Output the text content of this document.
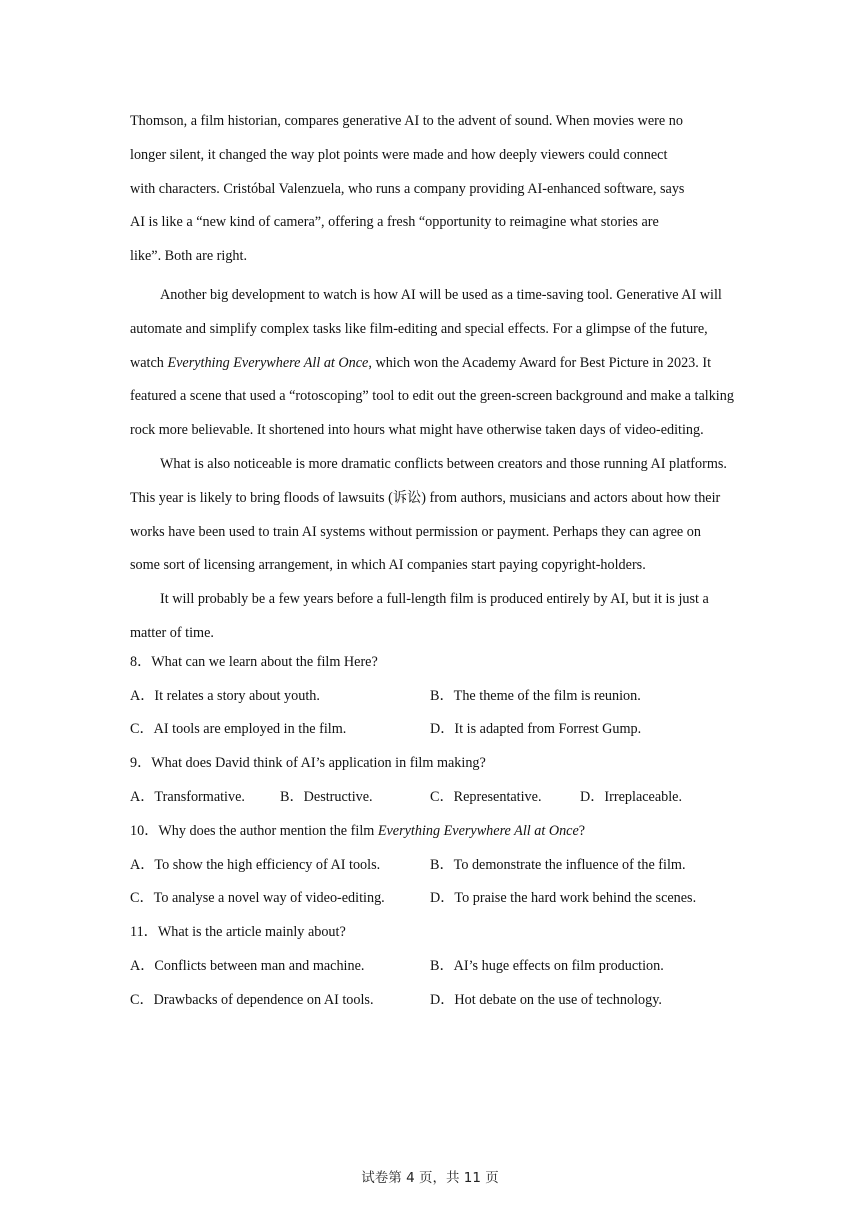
Thomson, a film historian, compares generative AI to the advent of sound. When movies were no
longer silent, it changed the way plot points were made and how deeply viewers could connect
with characters. Cristóbal Valenzuela, who runs a company providing AI-enhanced software, says
AI is like a “new kind of camera”, offering a fresh “opportunity to reimagine what stories are
like”. Both are right.

Another big development to watch is how AI will be used as a time-saving tool. Generative AI will automate and simplify complex tasks like film-editing and special effects. For a glimpse of the future, watch Everything Everywhere All at Once, which won the Academy Award for Best Picture in 2023. It featured a scene that used a “rotoscoping” tool to edit out the green-screen background and make a talking rock more believable. It shortened into hours what might have otherwise taken days of video-editing.

What is also noticeable is more dramatic conflicts between creators and those running AI platforms. This year is likely to bring floods of lawsuits (诉讼) from authors, musicians and actors about how their works have been used to train AI systems without permission or payment. Perhaps they can agree on some sort of licensing arrangement, in which AI companies start paying copyright-holders.

It will probably be a few years before a full-length film is produced entirely by AI, but it is just a matter of time.

8．What can we learn about the film Here?
A．It relates a story about youth.	B．The theme of the film is reunion.
C．AI tools are employed in the film.	D．It is adapted from Forrest Gump.
9．What does David think of AI’s application in film making?
A．Transformative. B．Destructive.	C．Representative.	D．Irreplaceable.
10．Why does the author mention the film Everything Everywhere All at Once?
A．To show the high efficiency of AI tools.	B．To demonstrate the influence of the film.
C．To analyse a novel way of video-editing.	D．To praise the hard work behind the scenes.
11．What is the article mainly about?
A．Conflicts between man and machine.	B．AI’s huge effects on film production.
C．Drawbacks of dependence on AI tools.	D．Hot debate on the use of technology.
试卷第 4 页，共 11 页
